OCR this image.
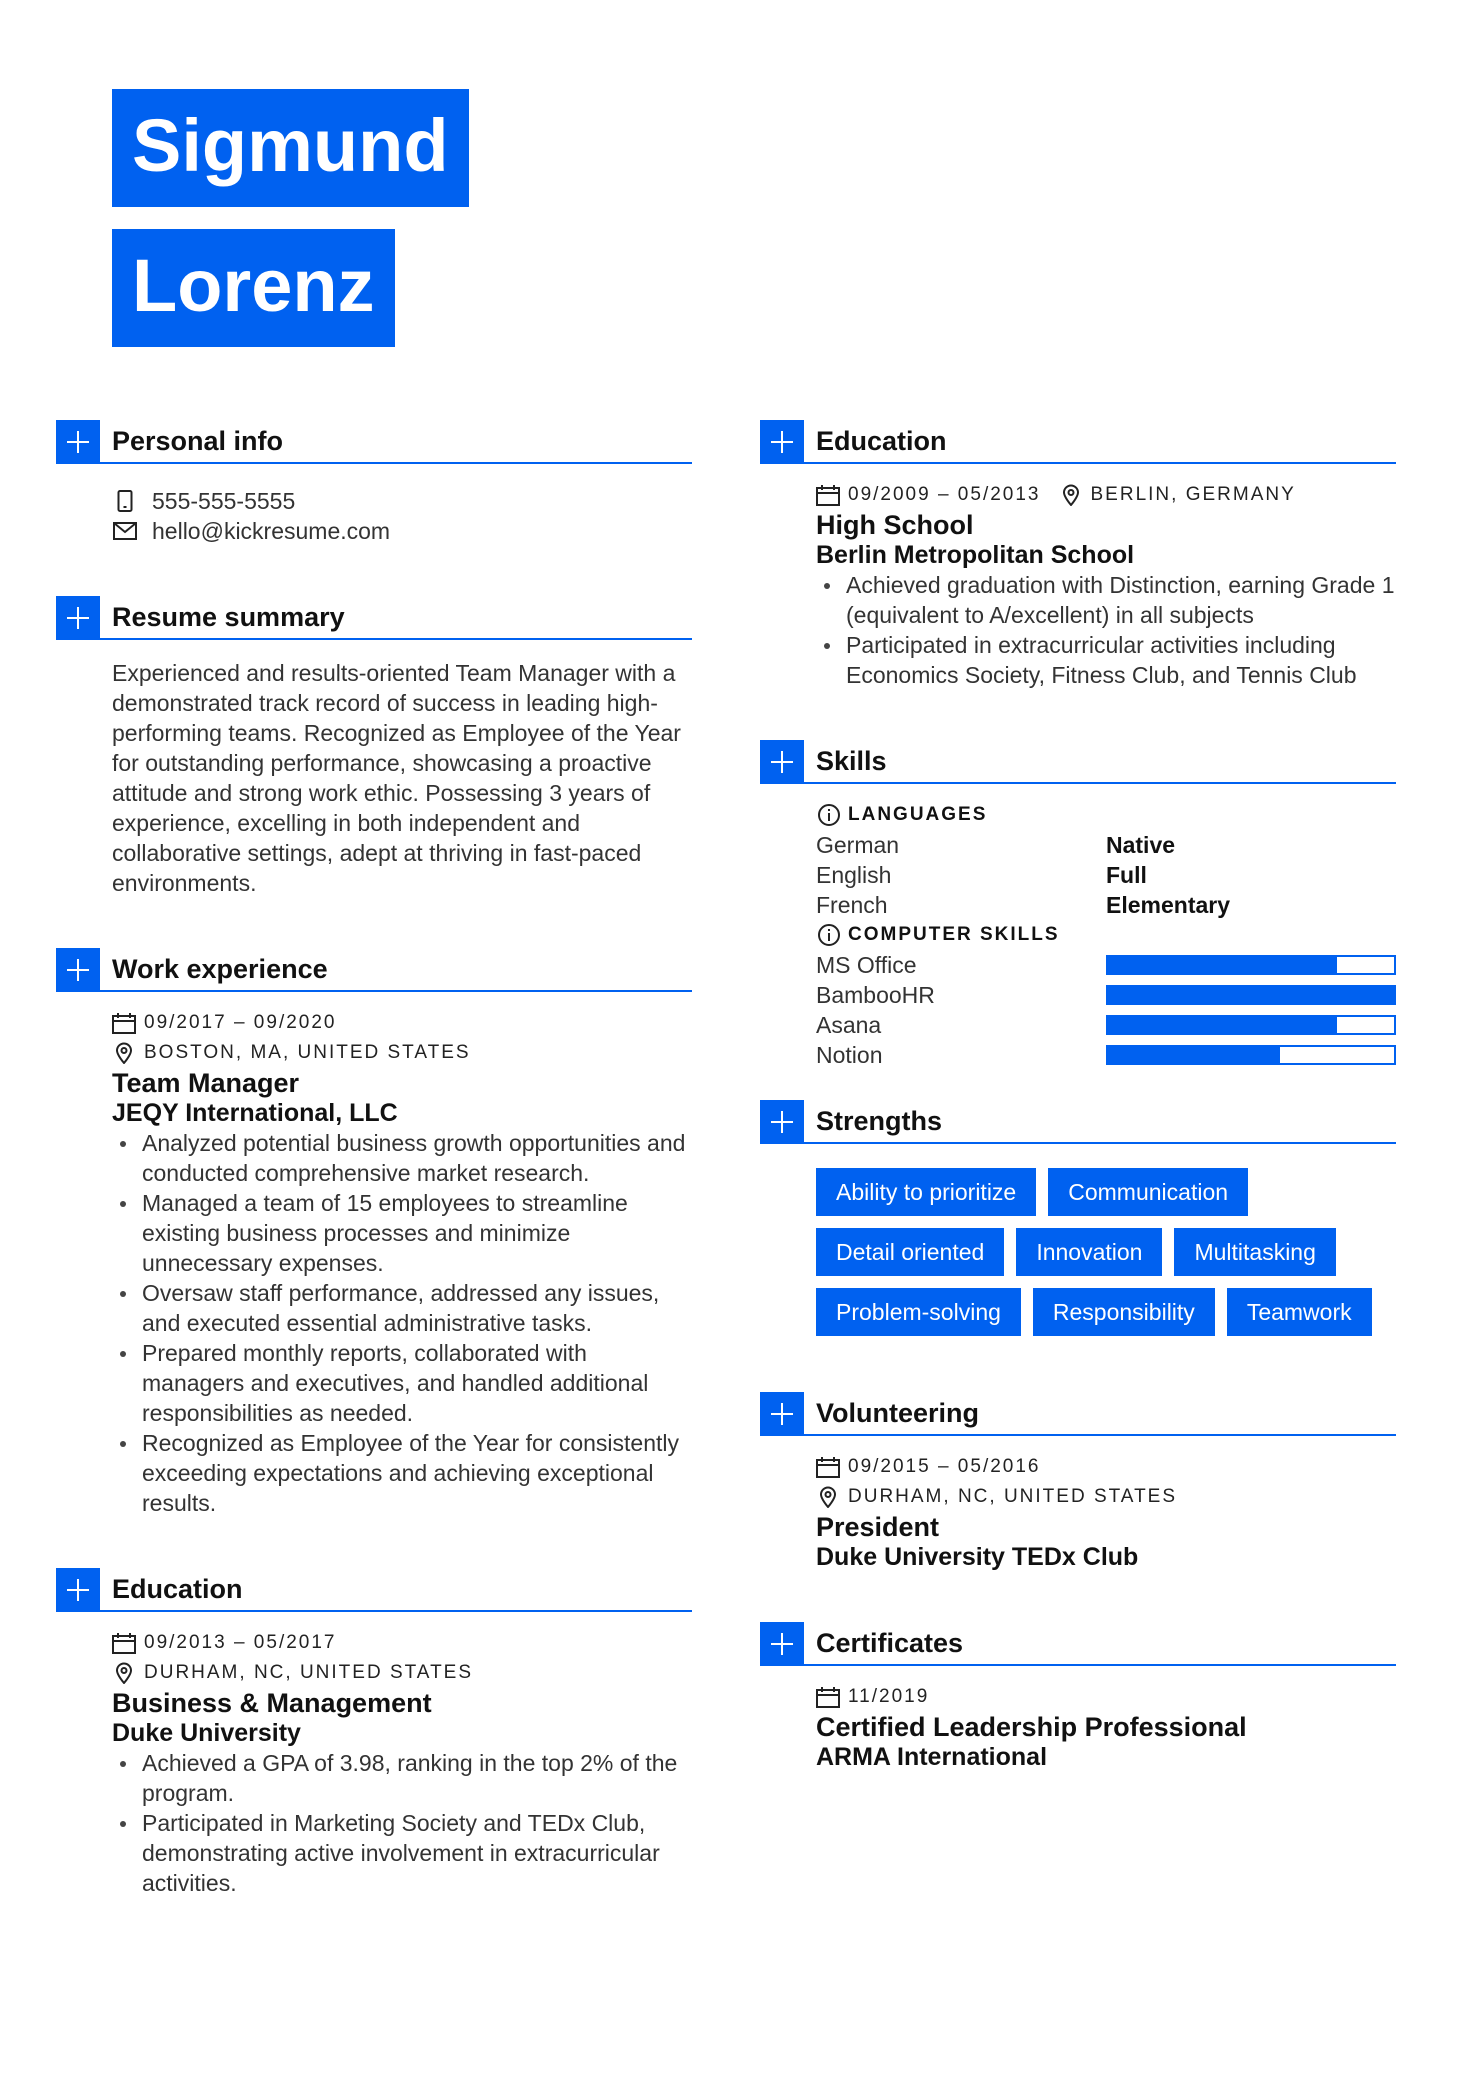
Sigmund
Lorenz
Personal info
555-555-5555
hello@kickresume.com
Resume summary

Experienced and results-oriented Team Manager with a demonstrated track record of success in leading high-performing teams. Recognized as Employee of the Year for outstanding performance, showcasing a proactive attitude and strong work ethic. Possessing 3 years of experience, excelling in both independent and collaborative settings, adept at thriving in fast-paced environments.

Work experience
09/2017 – 09/2020
BOSTON, MA, UNITED STATES
Team Manager
JEQY International, LLC
Analyzed potential business growth opportunities and conducted comprehensive market research.
Managed a team of 15 employees to streamline existing business processes and minimize unnecessary expenses.
Oversaw staff performance, addressed any issues, and executed essential administrative tasks.
Prepared monthly reports, collaborated with managers and executives, and handled additional responsibilities as needed.
Recognized as Employee of the Year for consistently exceeding expectations and achieving exceptional results.
Education
09/2013 – 05/2017
DURHAM, NC, UNITED STATES
Business & Management
Duke University
Achieved a GPA of 3.98, ranking in the top 2% of the program.
Participated in Marketing Society and TEDx Club, demonstrating active involvement in extracurricular activities.
Education
09/2009 – 05/2013	BERLIN, GERMANY
High School
Berlin Metropolitan School
Achieved graduation with Distinction, earning Grade 1 (equivalent to A/excellent) in all subjects
Participated in extracurricular activities including Economics Society, Fitness Club, and Tennis Club
Skills
LANGUAGES
German	Native
English	Full
French	Elementary
COMPUTER SKILLS
MS Office
BambooHR
Asana
Notion
Strengths
Ability to prioritize	Communication
Detail oriented	Innovation	Multitasking
Problem-solving	Responsibility	Teamwork
Volunteering
09/2015 – 05/2016
DURHAM, NC, UNITED STATES
President
Duke University TEDx Club
Certificates
11/2019
Certified Leadership Professional
ARMA International
